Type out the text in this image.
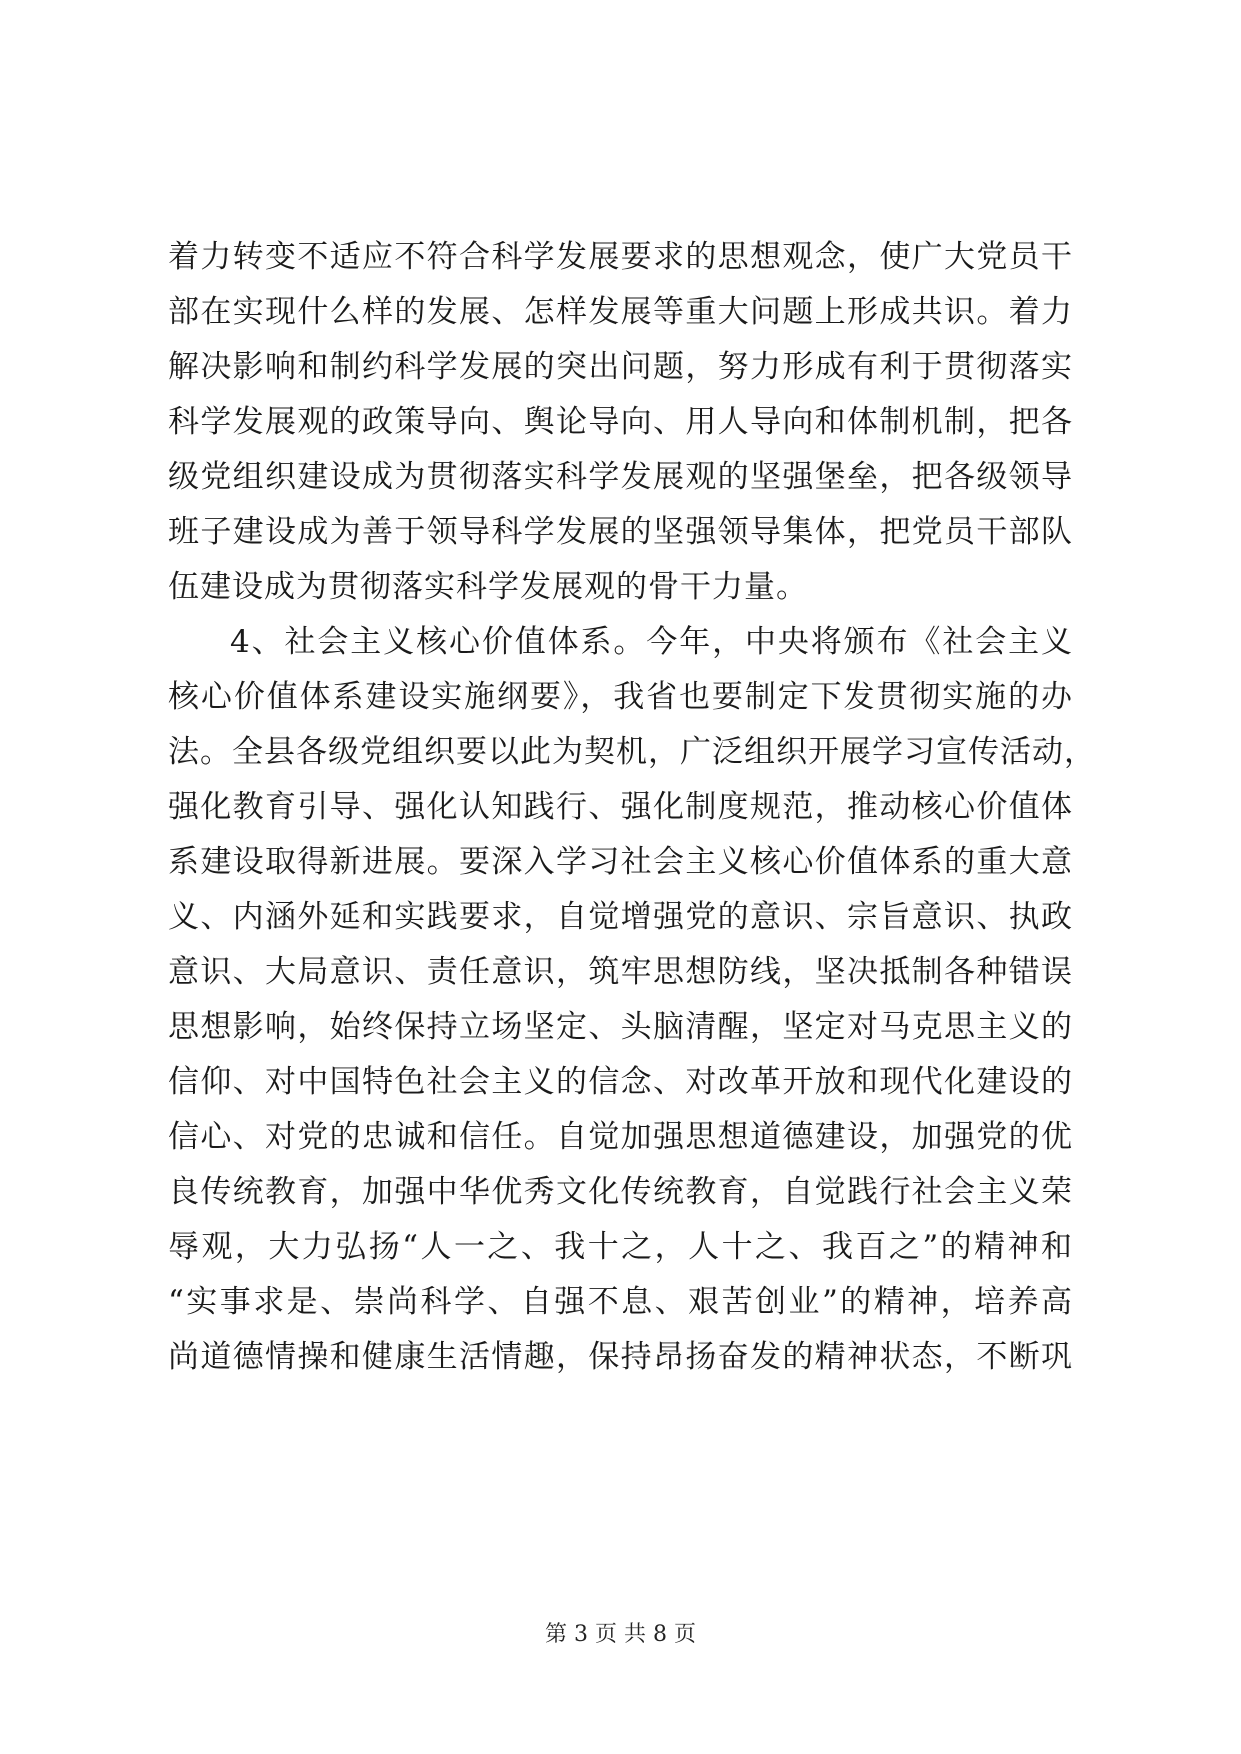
着力转变不适应不符合科学发展要求的思想观念，使广大党员干
部在实现什么样的发展、怎样发展等重大问题上形成共识。着力
解决影响和制约科学发展的突出问题，努力形成有利于贯彻落实
科学发展观的政策导向、舆论导向、用人导向和体制机制，把各
级党组织建设成为贯彻落实科学发展观的坚强堡垒，把各级领导
班子建设成为善于领导科学发展的坚强领导集体，把党员干部队
伍建设成为贯彻落实科学发展观的骨干力量。
4、社会主义核心价值体系。今年，中央将颁布《社会主义
核心价值体系建设实施纲要》，我省也要制定下发贯彻实施的办
法。全县各级党组织要以此为契机，广泛组织开展学习宣传活动，
强化教育引导、强化认知践行、强化制度规范，推动核心价值体
系建设取得新进展。要深入学习社会主义核心价值体系的重大意
义、内涵外延和实践要求，自觉增强党的意识、宗旨意识、执政
意识、大局意识、责任意识，筑牢思想防线，坚决抵制各种错误
思想影响，始终保持立场坚定、头脑清醒，坚定对马克思主义的
信仰、对中国特色社会主义的信念、对改革开放和现代化建设的
信心、对党的忠诚和信任。自觉加强思想道德建设，加强党的优
良传统教育，加强中华优秀文化传统教育，自觉践行社会主义荣
辱观，大力弘扬“人一之、我十之，人十之、我百之”的精神和
“实事求是、崇尚科学、自强不息、艰苦创业”的精神，培养高
尚道德情操和健康生活情趣，保持昂扬奋发的精神状态，不断巩
第 3 页 共 8 页
